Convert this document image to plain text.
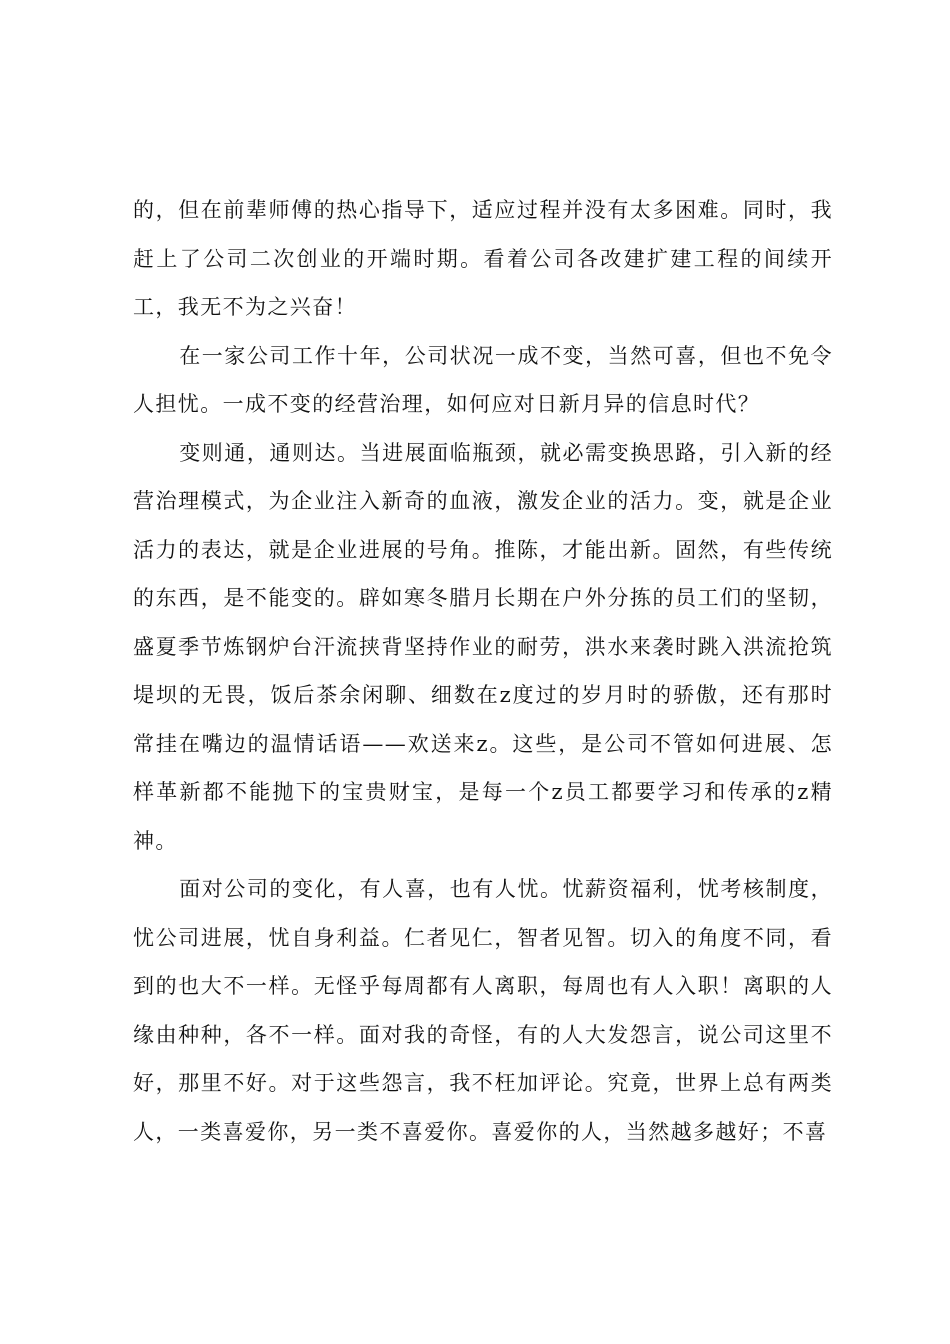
的，但在前辈师傅的热心指导下，适应过程并没有太多困难。同时，我赶上了公司二次创业的开端时期。看着公司各改建扩建工程的间续开工，我无不为之兴奋！

在一家公司工作十年，公司状况一成不变，当然可喜，但也不免令人担忧。一成不变的经营治理，如何应对日新月异的信息时代？

变则通，通则达。当进展面临瓶颈，就必需变换思路，引入新的经营治理模式，为企业注入新奇的血液，激发企业的活力。变，就是企业活力的表达，就是企业进展的号角。推陈，才能出新。固然，有些传统的东西，是不能变的。辟如寒冬腊月长期在户外分拣的员工们的坚韧，盛夏季节炼钢炉台汗流挟背坚持作业的耐劳，洪水来袭时跳入洪流抢筑堤坝的无畏，饭后茶余闲聊、细数在z度过的岁月时的骄傲，还有那时常挂在嘴边的温情话语——欢送来z。这些，是公司不管如何进展、怎样革新都不能抛下的宝贵财宝，是每一个z员工都要学习和传承的z精神。

面对公司的变化，有人喜，也有人忧。忧薪资福利，忧考核制度，忧公司进展，忧自身利益。仁者见仁，智者见智。切入的角度不同，看到的也大不一样。无怪乎每周都有人离职，每周也有人入职！离职的人缘由种种，各不一样。面对我的奇怪，有的人大发怨言，说公司这里不好，那里不好。对于这些怨言，我不枉加评论。究竟，世界上总有两类人，一类喜爱你，另一类不喜爱你。喜爱你的人，当然越多越好；不喜
